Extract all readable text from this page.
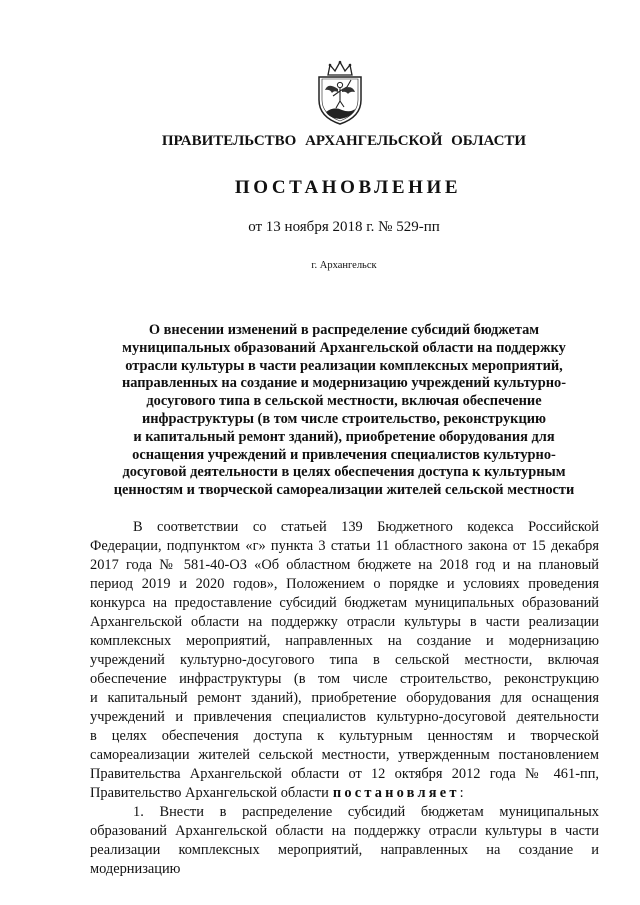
ПРАВИТЕЛЬСТВО АРХАНГЕЛЬСКОЙ ОБЛАСТИ
ПОСТАНОВЛЕНИЕ
от 13 ноября 2018 г. № 529-пп
г. Архангельск
О внесении изменений в распределение субсидий бюджетам
муниципальных образований Архангельской области на поддержку
отрасли культуры в части реализации комплексных мероприятий,
направленных на создание и модернизацию учреждений культурно-
досугового типа в сельской местности, включая обеспечение
инфраструктуры (в том числе строительство, реконструкцию
и капитальный ремонт зданий), приобретение оборудования для
оснащения учреждений и привлечения специалистов культурно-
досуговой деятельности в целях обеспечения доступа к культурным
ценностям и творческой самореализации жителей сельской местности
В соответствии со статьей 139 Бюджетного кодекса Российской
Федерации, подпунктом «г» пункта 3 статьи 11 областного закона от 15 декабря
2017 года № 581-40-ОЗ «Об областном бюджете на 2018 год и на плановый
период 2019 и 2020 годов», Положением о порядке и условиях проведения
конкурса на предоставление субсидий бюджетам муниципальных образований
Архангельской области на поддержку отрасли культуры в части реализации
комплексных мероприятий, направленных на создание и модернизацию
учреждений культурно-досугового типа в сельской местности, включая
обеспечение инфраструктуры (в том числе строительство, реконструкцию
и капитальный ремонт зданий), приобретение оборудования для оснащения
учреждений и привлечения специалистов культурно-досуговой деятельности
в целях обеспечения доступа к культурным ценностям и творческой
самореализации жителей сельской местности, утвержденным постановлением
Правительства Архангельской области от 12 октября 2012 года № 461-пп,
Правительство Архангельской области постановляет:
1. Внести в распределение субсидий бюджетам муниципальных
образований Архангельской области на поддержку отрасли культуры в части
реализации комплексных мероприятий, направленных на создание и модернизацию
